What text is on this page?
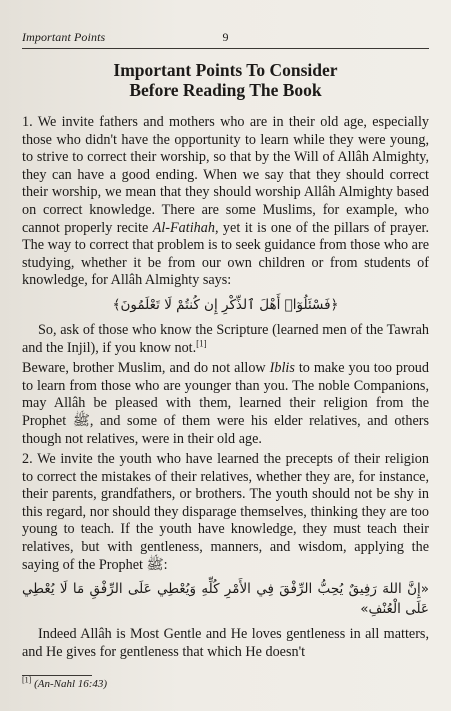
Important Points	9
Important Points To Consider
Before Reading The Book

1. We invite fathers and mothers who are in their old age, especially those who didn't have the opportunity to learn while they were young, to strive to correct their worship, so that by the Will of Allâh Almighty, they can have a good ending. When we say that they should correct their worship, we mean that they should worship Allâh Almighty based on correct knowledge. There are some Muslims, for example, who cannot properly recite Al-Fatihah, yet it is one of the pillars of prayer. The way to correct that problem is to seek guidance from those who are studying, whether it be from our own children or from students of knowledge, for Allâh Almighty says:

﴿فَسْئَلُوٓا۟ أَهْلَ ٱلذِّكْرِ إِن كُنتُمْ لَا تَعْلَمُونَ﴾

So, ask of those who know the Scripture (learned men of the Tawrah and the Injil), if you know not.[1]

Beware, brother Muslim, and do not allow Iblis to make you too proud to learn from those who are younger than you. The noble Companions, may Allâh be pleased with them, learned their religion from the Prophet ﷺ, and some of them were his elder relatives, and others though not relatives, were in their old age.

2. We invite the youth who have learned the precepts of their religion to correct the mistakes of their relatives, whether they are, for instance, their parents, grandfathers, or brothers. The youth should not be shy in this regard, nor should they disparage themselves, thinking they are too young to teach. If the youth have knowledge, they must teach their relatives, but with gentleness, manners, and wisdom, applying the saying of the Prophet ﷺ:

«إِنَّ اللهَ رَفِيقٌ يُحِبُّ الرِّفْقَ فِي الأَمْرِ كُلِّهِ وَيُعْطِي عَلَى الرِّفْقِ مَا لَا يُعْطِي عَلَى الْعُنْفِ»

Indeed Allâh is Most Gentle and He loves gentleness in all matters, and He gives for gentleness that which He doesn't

[1] (An-Nahl 16:43)
